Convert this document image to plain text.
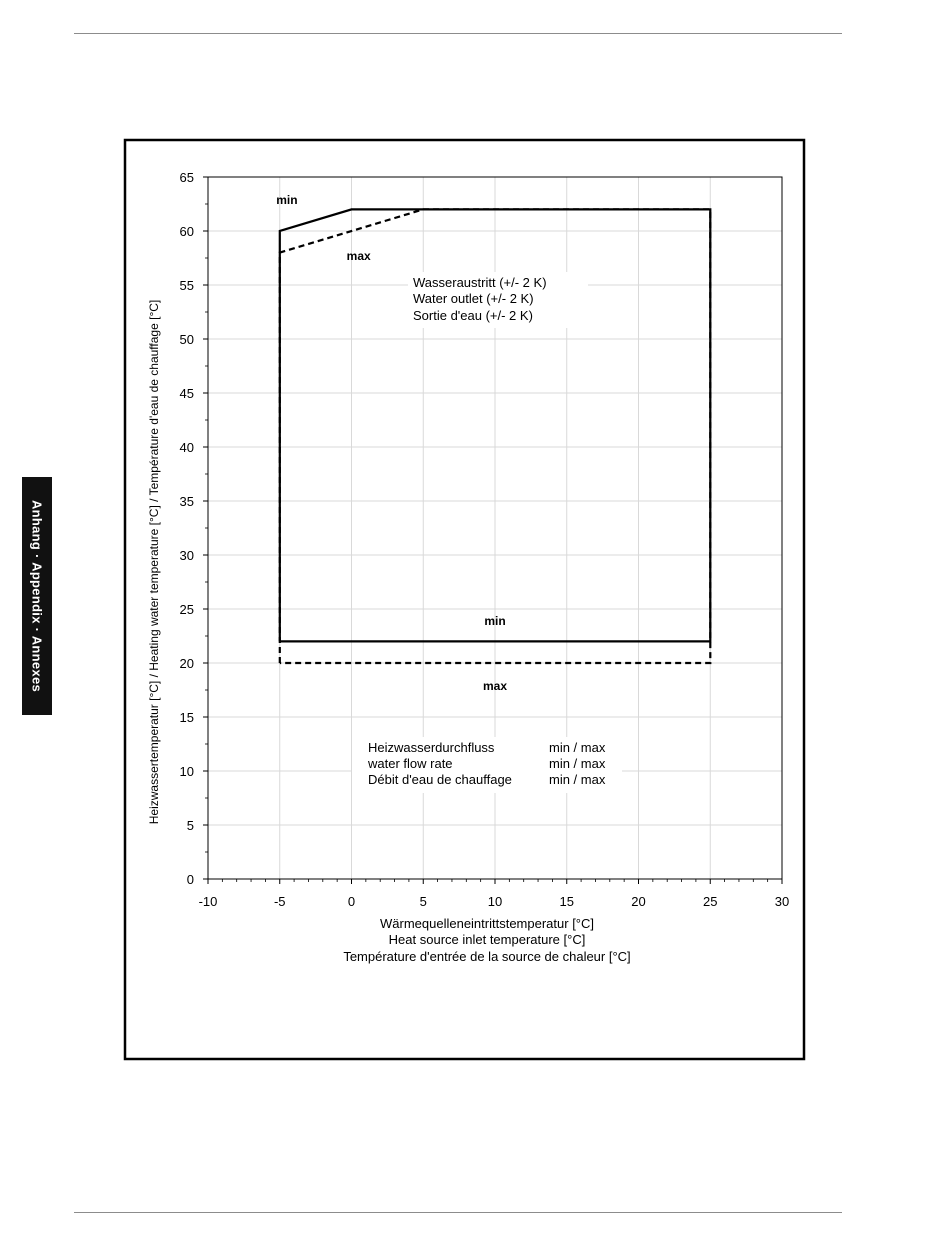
Anhang · Appendix · Annexes
-10	-5	0	5	10	15	20	25	30
0
5
10
15
20
25
30
35
40
45
50
55
60
65
Wasseraustritt (+/- 2 K)
Water outlet (+/- 2 K)
Sortie d'eau (+/- 2 K)
Heizwasserdurchfluss	min / max
water flow rate	min / max
Débit d'eau de chauffage	min / max
min
max
min
max
Wärmequelleneintrittstemperatur [°C]
Heat source inlet temperature [°C]
Température d'entrée de la source de chaleur [°C]
Heizwassertemperatur [°C] / Heating water temperature [°C] / Température d'eau de chauffage [°C]
